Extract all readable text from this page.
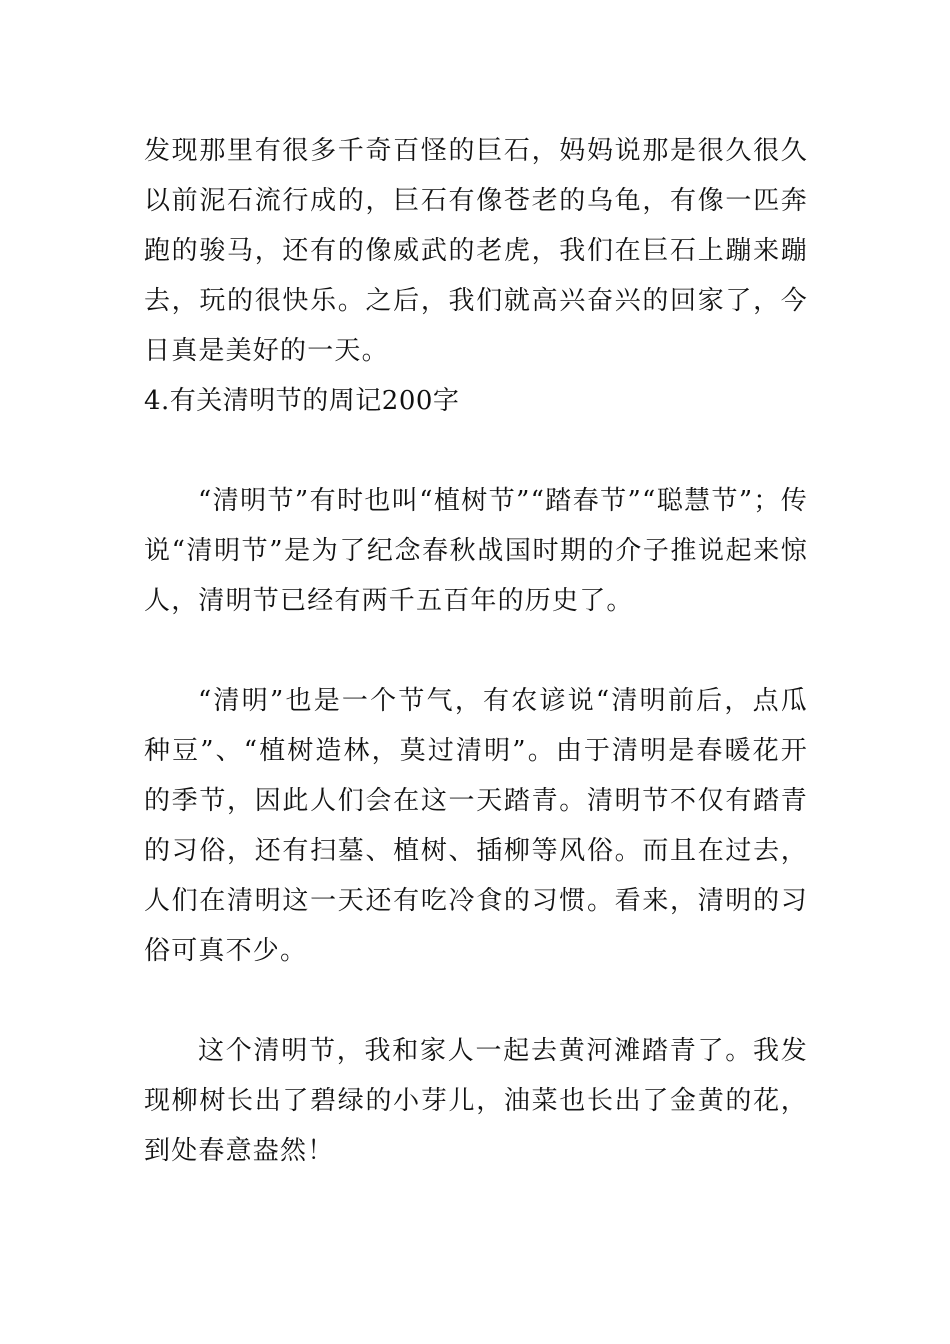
发现那里有很多千奇百怪的巨石，妈妈说那是很久很久以前泥石流行成的，巨石有像苍老的乌龟，有像一匹奔跑的骏马，还有的像威武的老虎，我们在巨石上蹦来蹦去，玩的很快乐。之后，我们就高兴奋兴的回家了，今日真是美好的一天。

4.有关清明节的周记200字

“清明节”有时也叫“植树节”“踏春节”“聪慧节”；传说“清明节”是为了纪念春秋战国时期的介子推说起来惊人，清明节已经有两千五百年的历史了。

“清明”也是一个节气，有农谚说“清明前后，点瓜种豆”、“植树造林，莫过清明”。由于清明是春暖花开的季节，因此人们会在这一天踏青。清明节不仅有踏青的习俗，还有扫墓、植树、插柳等风俗。而且在过去，人们在清明这一天还有吃冷食的习惯。看来，清明的习俗可真不少。

这个清明节，我和家人一起去黄河滩踏青了。我发现柳树长出了碧绿的小芽儿，油菜也长出了金黄的花，到处春意盎然！
